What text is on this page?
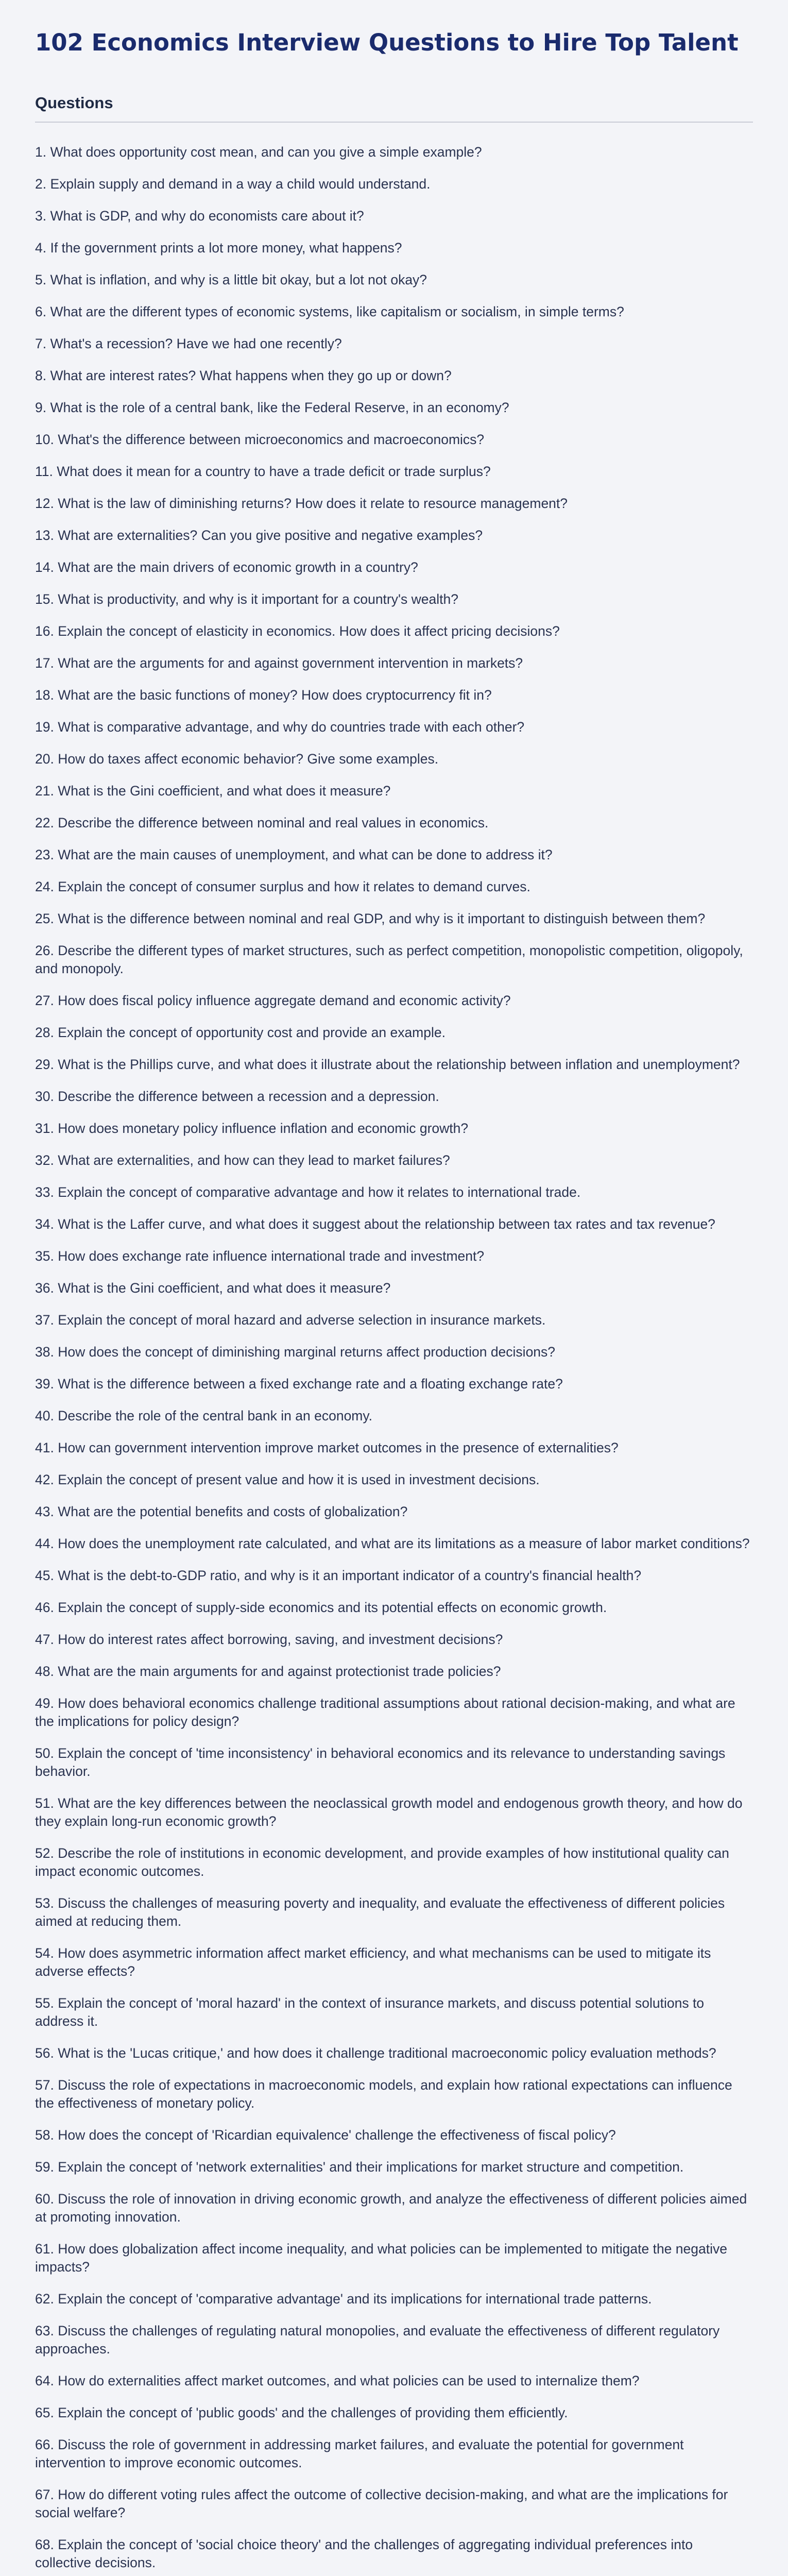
102 Economics Interview Questions to Hire Top Talent
Questions
1. What does opportunity cost mean, and can you give a simple example?
2. Explain supply and demand in a way a child would understand.
3. What is GDP, and why do economists care about it?
4. If the government prints a lot more money, what happens?
5. What is inflation, and why is a little bit okay, but a lot not okay?
6. What are the different types of economic systems, like capitalism or socialism, in simple terms?
7. What's a recession? Have we had one recently?
8. What are interest rates? What happens when they go up or down?
9. What is the role of a central bank, like the Federal Reserve, in an economy?
10. What's the difference between microeconomics and macroeconomics?
11. What does it mean for a country to have a trade deficit or trade surplus?
12. What is the law of diminishing returns? How does it relate to resource management?
13. What are externalities? Can you give positive and negative examples?
14. What are the main drivers of economic growth in a country?
15. What is productivity, and why is it important for a country's wealth?
16. Explain the concept of elasticity in economics. How does it affect pricing decisions?
17. What are the arguments for and against government intervention in markets?
18. What are the basic functions of money? How does cryptocurrency fit in?
19. What is comparative advantage, and why do countries trade with each other?
20. How do taxes affect economic behavior? Give some examples.
21. What is the Gini coefficient, and what does it measure?
22. Describe the difference between nominal and real values in economics.
23. What are the main causes of unemployment, and what can be done to address it?
24. Explain the concept of consumer surplus and how it relates to demand curves.
25. What is the difference between nominal and real GDP, and why is it important to distinguish between them?
26. Describe the different types of market structures, such as perfect competition, monopolistic competition, oligopoly, and monopoly.
27. How does fiscal policy influence aggregate demand and economic activity?
28. Explain the concept of opportunity cost and provide an example.
29. What is the Phillips curve, and what does it illustrate about the relationship between inflation and unemployment?
30. Describe the difference between a recession and a depression.
31. How does monetary policy influence inflation and economic growth?
32. What are externalities, and how can they lead to market failures?
33. Explain the concept of comparative advantage and how it relates to international trade.
34. What is the Laffer curve, and what does it suggest about the relationship between tax rates and tax revenue?
35. How does exchange rate influence international trade and investment?
36. What is the Gini coefficient, and what does it measure?
37. Explain the concept of moral hazard and adverse selection in insurance markets.
38. How does the concept of diminishing marginal returns affect production decisions?
39. What is the difference between a fixed exchange rate and a floating exchange rate?
40. Describe the role of the central bank in an economy.
41. How can government intervention improve market outcomes in the presence of externalities?
42. Explain the concept of present value and how it is used in investment decisions.
43. What are the potential benefits and costs of globalization?
44. How does the unemployment rate calculated, and what are its limitations as a measure of labor market conditions?
45. What is the debt-to-GDP ratio, and why is it an important indicator of a country's financial health?
46. Explain the concept of supply-side economics and its potential effects on economic growth.
47. How do interest rates affect borrowing, saving, and investment decisions?
48. What are the main arguments for and against protectionist trade policies?
49. How does behavioral economics challenge traditional assumptions about rational decision-making, and what are the implications for policy design?
50. Explain the concept of 'time inconsistency' in behavioral economics and its relevance to understanding savings behavior.
51. What are the key differences between the neoclassical growth model and endogenous growth theory, and how do they explain long-run economic growth?
52. Describe the role of institutions in economic development, and provide examples of how institutional quality can impact economic outcomes.
53. Discuss the challenges of measuring poverty and inequality, and evaluate the effectiveness of different policies aimed at reducing them.
54. How does asymmetric information affect market efficiency, and what mechanisms can be used to mitigate its adverse effects?
55. Explain the concept of 'moral hazard' in the context of insurance markets, and discuss potential solutions to address it.
56. What is the 'Lucas critique,' and how does it challenge traditional macroeconomic policy evaluation methods?
57. Discuss the role of expectations in macroeconomic models, and explain how rational expectations can influence the effectiveness of monetary policy.
58. How does the concept of 'Ricardian equivalence' challenge the effectiveness of fiscal policy?
59. Explain the concept of 'network externalities' and their implications for market structure and competition.
60. Discuss the role of innovation in driving economic growth, and analyze the effectiveness of different policies aimed at promoting innovation.
61. How does globalization affect income inequality, and what policies can be implemented to mitigate the negative impacts?
62. Explain the concept of 'comparative advantage' and its implications for international trade patterns.
63. Discuss the challenges of regulating natural monopolies, and evaluate the effectiveness of different regulatory approaches.
64. How do externalities affect market outcomes, and what policies can be used to internalize them?
65. Explain the concept of 'public goods' and the challenges of providing them efficiently.
66. Discuss the role of government in addressing market failures, and evaluate the potential for government intervention to improve economic outcomes.
67. How do different voting rules affect the outcome of collective decision-making, and what are the implications for social welfare?
68. Explain the concept of 'social choice theory' and the challenges of aggregating individual preferences into collective decisions.
